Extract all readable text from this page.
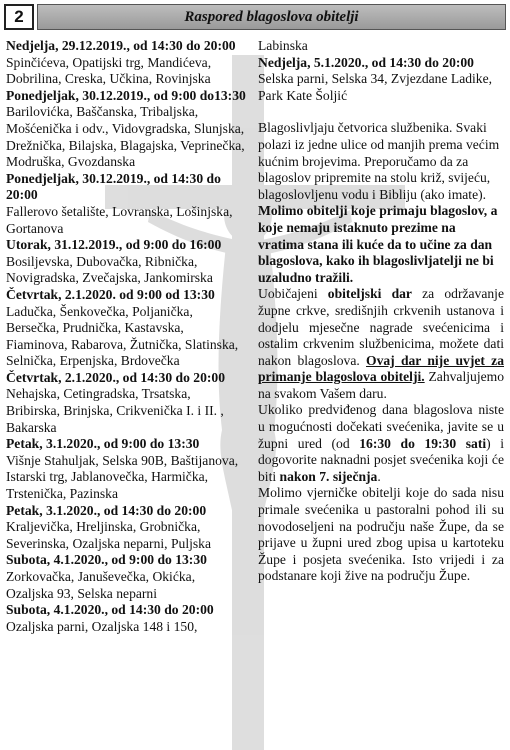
2	Raspored blagoslova obitelji

Nedjelja, 29.12.2019., od 14:30 do 20:00

Spinčićeva, Opatijski trg, Mandićeva, Dobrilina, Creska, Učkina, Rovinjska

Ponedjeljak, 30.12.2019., od 9:00 do13:30

Barilovićka, Baščanska, Tribaljska, Mošćenička i odv., Vidovgradska, Slunjska, Drežnička, Bilajska, Blagajska, Veprinečka, Modruška, Gvozdanska

Ponedjeljak, 30.12.2019., od 14:30 do 20:00

Fallerovo šetalište, Lovranska, Lošinjska, Gortanova

Utorak, 31.12.2019., od 9:00 do 16:00

Bosiljevska, Dubovačka, Ribnička, Novigradska, Zvečajska, Jankomirska

Četvrtak, 2.1.2020. od 9:00 od 13:30

Ladučka, Šenkovečka, Poljanička, Bersečka, Prudnička, Kastavska, Fiaminova, Rabarova, Žutnička, Slatinska, Selnička, Erpenjska, Brdovečka

Četvrtak, 2.1.2020., od 14:30 do 20:00

Nehajska, Cetingradska, Trsatska, Bribirska, Brinjska, Crikvenička I. i II. , Bakarska

Petak, 3.1.2020., od 9:00 do 13:30

Višnje Stahuljak, Selska 90B, Baštijanova, Istarski trg, Jablanovečka, Harmička, Trstenička, Pazinska

Petak, 3.1.2020., od 14:30 do 20:00

Kraljevička, Hreljinska, Grobnička, Severinska, Ozaljska neparni, Puljska

Subota, 4.1.2020., od 9:00 do 13:30

Zorkovačka, Januševečka, Okićka, Ozaljska 93, Selska neparni

Subota, 4.1.2020., od 14:30 do 20:00

Ozaljska parni, Ozaljska 148 i 150,

Labinska

Nedjelja, 5.1.2020., od 14:30 do 20:00

Selska parni, Selska 34, Zvjezdane Ladike, Park Kate Šoljić

Blagoslivljaju četvorica službenika. Svaki polazi iz jedne ulice od manjih prema većim kućnim brojevima. Preporučamo da za blagoslov pripremite na stolu križ, svijeću, blagoslovljenu vodu i Bibliju (ako imate). Molimo obitelji koje primaju blagoslov, a koje nemaju istaknuto prezime na vratima stana ili kuće da to učine za dan blagoslova, kako ih blagoslivljatelji ne bi uzaludno tražili.

Uobičajeni obiteljski dar za održavanje župne crkve, središnjih crkvenih ustanova i dodjelu mjesečne nagrade svećenicima i ostalim crkvenim službenicima, možete dati nakon blagoslova. Ovaj dar nije uvjet za primanje blagoslova obitelji. Zahvaljujemo na svakom Vašem daru.

Ukoliko predviđenog dana blagoslova niste u mogućnosti dočekati svećenika, javite se u župni ured (od 16:30 do 19:30 sati) i dogovorite naknadni posjet svećenika koji će biti nakon 7. siječnja.

Molimo vjerničke obitelji koje do sada nisu primale svećenika u pastoralni pohod ili su novodoseljeni na području naše Župe, da se prijave u župni ured zbog upisa u kartoteku Župe i posjeta svećenika. Isto vrijedi i za podstanare koji žive na području Župe.
